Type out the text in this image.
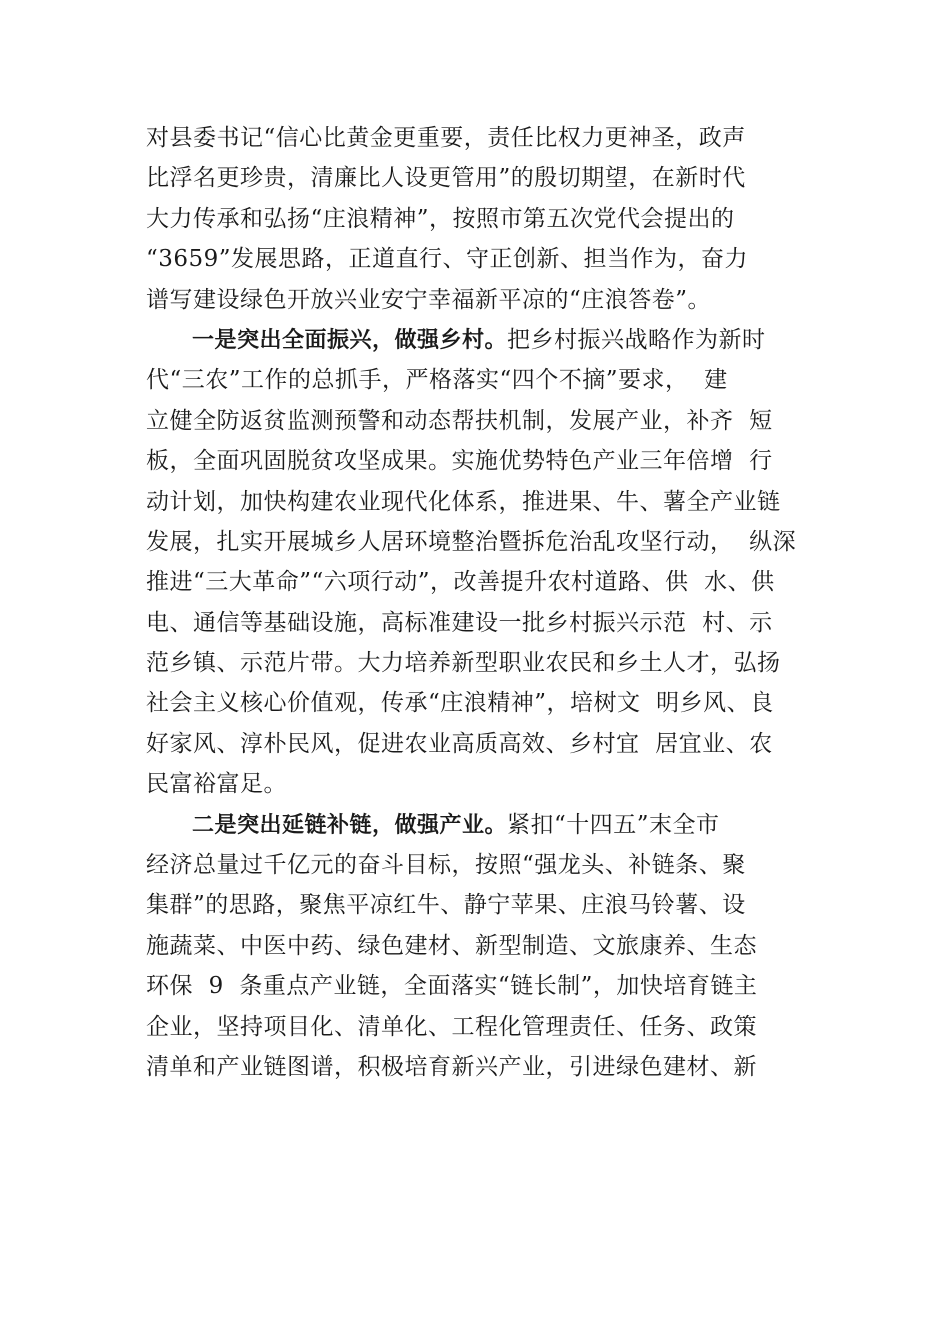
对县委书记“信心比黄金更重要，责任比权力更神圣，政声
比浮名更珍贵，清廉比人设更管用”的殷切期望，在新时代
大力传承和弘扬“庄浪精神”，按照市第五次党代会提出的
“3659”发展思路，正道直行、守正创新、担当作为，奋力
谱写建设绿色开放兴业安宁幸福新平凉的“庄浪答卷”。
一是突出全面振兴，做强乡村。把乡村振兴战略作为新时
代“三农”工作的总抓手，严格落实“四个不摘”要求，  建
立健全防返贫监测预警和动态帮扶机制，发展产业，补齐  短
板，全面巩固脱贫攻坚成果。实施优势特色产业三年倍增  行
动计划，加快构建农业现代化体系，推进果、牛、薯全产业链
发展，扎实开展城乡人居环境整治暨拆危治乱攻坚行动，  纵深
推进“三大革命”“六项行动”，改善提升农村道路、供  水、供
电、通信等基础设施，高标准建设一批乡村振兴示范  村、示
范乡镇、示范片带。大力培养新型职业农民和乡土人才，弘扬
社会主义核心价值观，传承“庄浪精神”，培树文  明乡风、良
好家风、淳朴民风，促进农业高质高效、乡村宜  居宜业、农
民富裕富足。
二是突出延链补链，做强产业。紧扣“十四五”末全市
经济总量过千亿元的奋斗目标，按照“强龙头、补链条、聚
集群”的思路，聚焦平凉红牛、静宁苹果、庄浪马铃薯、设
施蔬菜、中医中药、绿色建材、新型制造、文旅康养、生态
环保  9  条重点产业链，全面落实“链长制”，加快培育链主
企业，坚持项目化、清单化、工程化管理责任、任务、政策
清单和产业链图谱，积极培育新兴产业，引进绿色建材、新
